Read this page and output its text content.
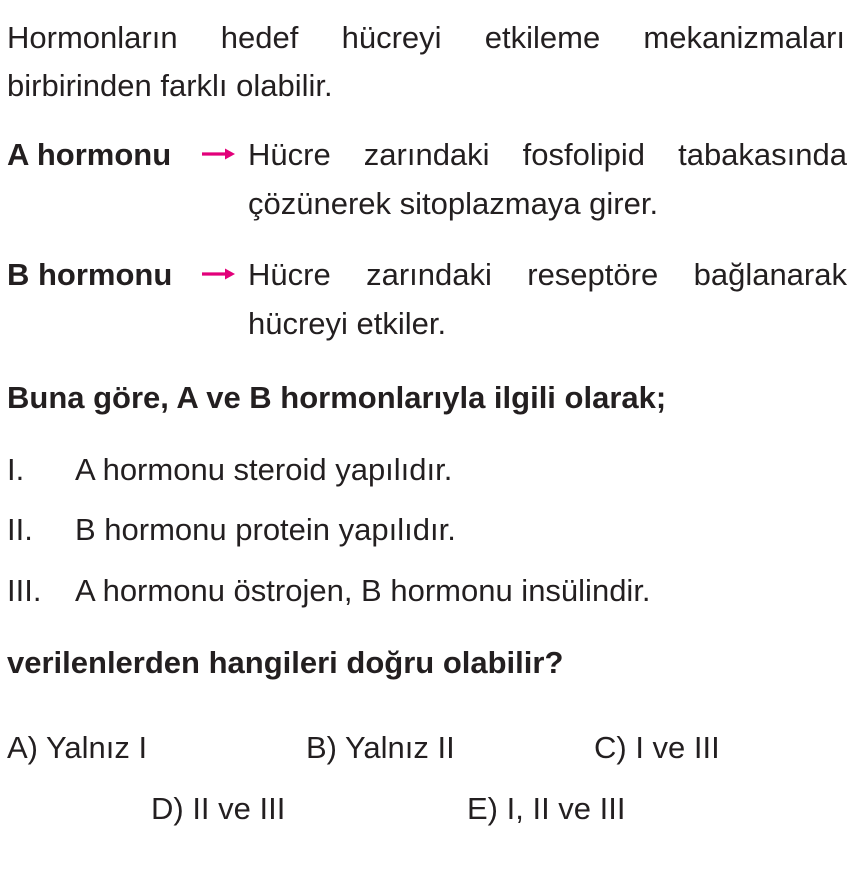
Hormonların hedef hücreyi etkileme mekanizmaları birbirinden farklı olabilir.

A hormonu Hücre zarındaki fosfolipid tabakasında çözünerek sitoplazmaya girer.

B hormonu Hücre zarındaki reseptöre bağlanarak hücreyi etkiler.

Buna göre, A ve B hormonlarıyla ilgili olarak;

I. A hormonu steroid yapılıdır.
II. B hormonu protein yapılıdır.
III. A hormonu östrojen, B hormonu insülindir.

verilenlerden hangileri doğru olabilir?

A) Yalnız I	B) Yalnız II	C) I ve III
D) II ve III	E) I, II ve III
